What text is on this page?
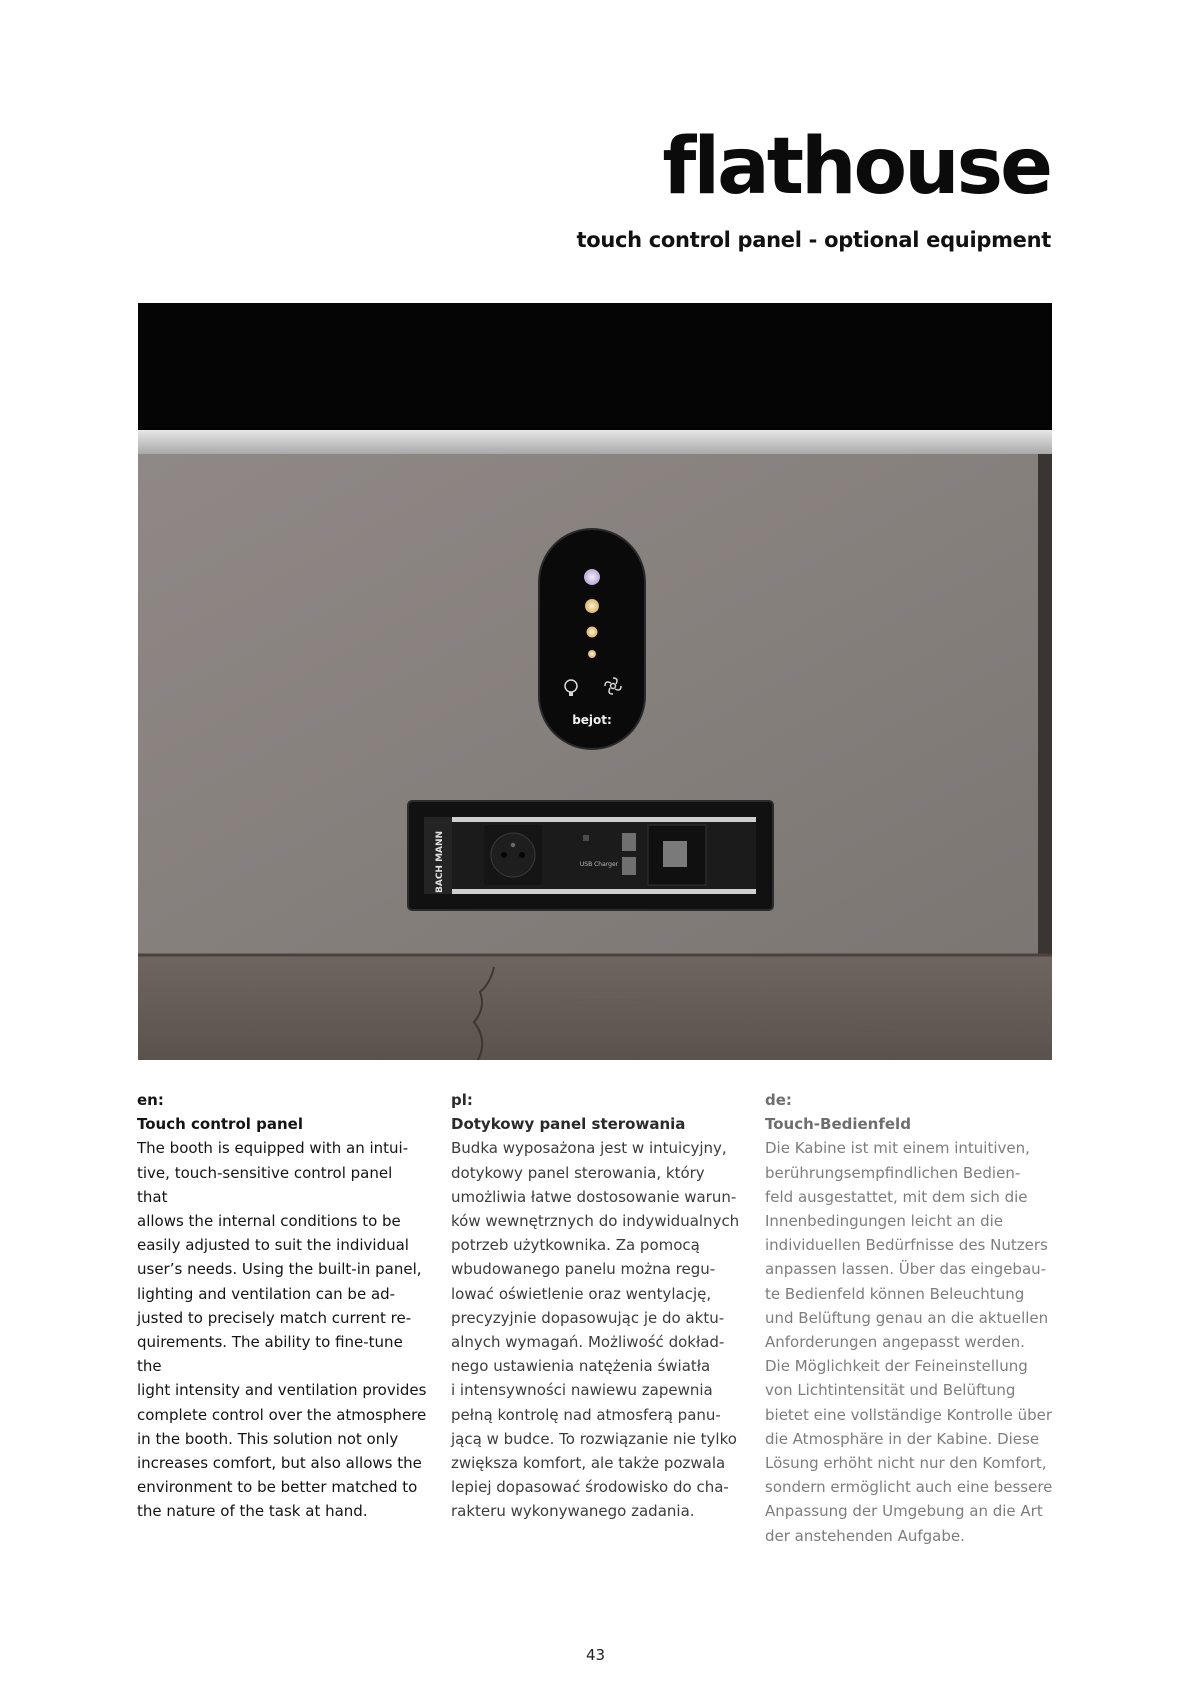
flathouse
touch control panel - optional equipment
bejot:
BACH MANN	USB Charger
en:
Touch control panel
The booth is equipped with an intui-
tive, touch-sensitive control panel that
allows the internal conditions to be
easily adjusted to suit the individual
user’s needs. Using the built-in panel,
lighting and ventilation can be ad-
justed to precisely match current re-
quirements. The ability to fine-tune the
light intensity and ventilation provides
complete control over the atmosphere
in the booth. This solution not only
increases comfort, but also allows the
environment to be better matched to
the nature of the task at hand.
pl:
Dotykowy panel sterowania
Budka wyposażona jest w intuicyjny,
dotykowy panel sterowania, który
umożliwia łatwe dostosowanie warun-
ków wewnętrznych do indywidualnych
potrzeb użytkownika. Za pomocą
wbudowanego panelu można regu-
lować oświetlenie oraz wentylację,
precyzyjnie dopasowując je do aktu-
alnych wymagań. Możliwość dokład-
nego ustawienia natężenia światła
i intensywności nawiewu zapewnia
pełną kontrolę nad atmosferą panu-
jącą w budce. To rozwiązanie nie tylko
zwiększa komfort, ale także pozwala
lepiej dopasować środowisko do cha-
rakteru wykonywanego zadania.
de:
Touch-Bedienfeld
Die Kabine ist mit einem intuitiven,
berührungsempfindlichen Bedien-
feld ausgestattet, mit dem sich die
Innenbedingungen leicht an die
individuellen Bedürfnisse des Nutzers
anpassen lassen. Über das eingebau-
te Bedienfeld können Beleuchtung
und Belüftung genau an die aktuellen
Anforderungen angepasst werden.
Die Möglichkeit der Feineinstellung
von Lichtintensität und Belüftung
bietet eine vollständige Kontrolle über
die Atmosphäre in der Kabine. Diese
Lösung erhöht nicht nur den Komfort,
sondern ermöglicht auch eine bessere
Anpassung der Umgebung an die Art
der anstehenden Aufgabe.
43
